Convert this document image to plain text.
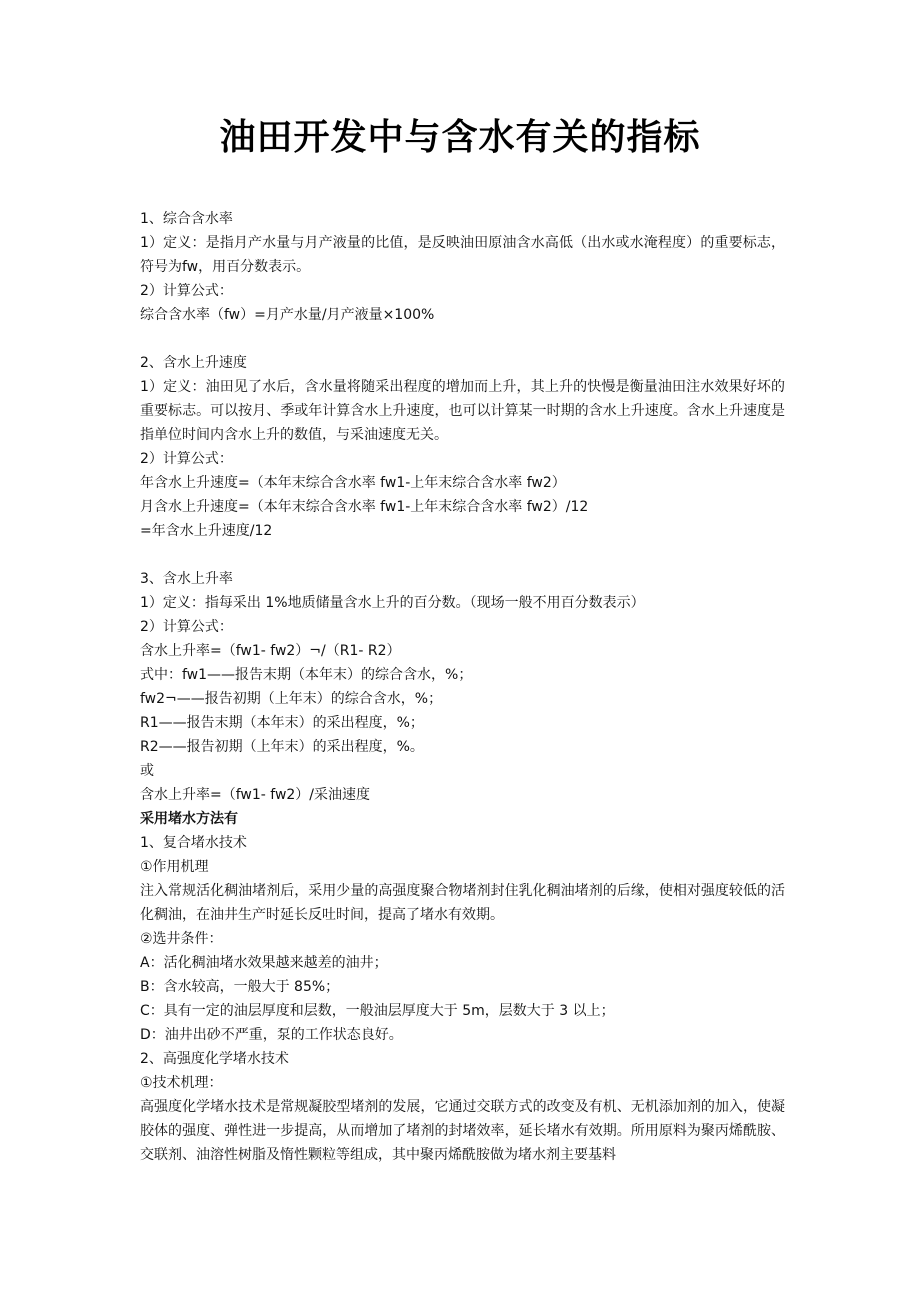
油田开发中与含水有关的指标
1、综合含水率
1）定义：是指月产水量与月产液量的比值，是反映油田原油含水高低（出水或水淹程度）的重要标志，符号为fw，用百分数表示。
2）计算公式：
综合含水率（fw）=月产水量/月产液量×100%
2、含水上升速度
1）定义：油田见了水后，含水量将随采出程度的增加而上升，其上升的快慢是衡量油田注水效果好坏的重要标志。可以按月、季或年计算含水上升速度，也可以计算某一时期的含水上升速度。含水上升速度是指单位时间内含水上升的数值，与采油速度无关。
2）计算公式：
年含水上升速度=（本年末综合含水率 fw1-上年末综合含水率 fw2）
月含水上升速度=（本年末综合含水率 fw1-上年末综合含水率 fw2）/12
=年含水上升速度/12
3、含水上升率
1）定义：指每采出 1%地质储量含水上升的百分数。（现场一般不用百分数表示）
2）计算公式：
含水上升率=（fw1- fw2）¬/（R1- R2）
式中：fw1——报告末期（本年末）的综合含水，%；
fw2¬——报告初期（上年末）的综合含水，%；
R1——报告末期（本年末）的采出程度，%；
R2——报告初期（上年末）的采出程度，%。
或
含水上升率=（fw1- fw2）/采油速度
采用堵水方法有
1、复合堵水技术
①作用机理
注入常规活化稠油堵剂后，采用少量的高强度聚合物堵剂封住乳化稠油堵剂的后缘，使相对强度较低的活化稠油，在油井生产时延长反吐时间，提高了堵水有效期。
②选井条件：
A：活化稠油堵水效果越来越差的油井；
B：含水较高，一般大于 85%；
C：具有一定的油层厚度和层数，一般油层厚度大于 5m，层数大于 3 以上；
D：油井出砂不严重，泵的工作状态良好。
2、高强度化学堵水技术
①技术机理：
高强度化学堵水技术是常规凝胶型堵剂的发展，它通过交联方式的改变及有机、无机添加剂的加入，使凝胶体的强度、弹性进一步提高，从而增加了堵剂的封堵效率，延长堵水有效期。所用原料为聚丙烯酰胺、交联剂、油溶性树脂及惰性颗粒等组成，其中聚丙烯酰胺做为堵水剂主要基料
